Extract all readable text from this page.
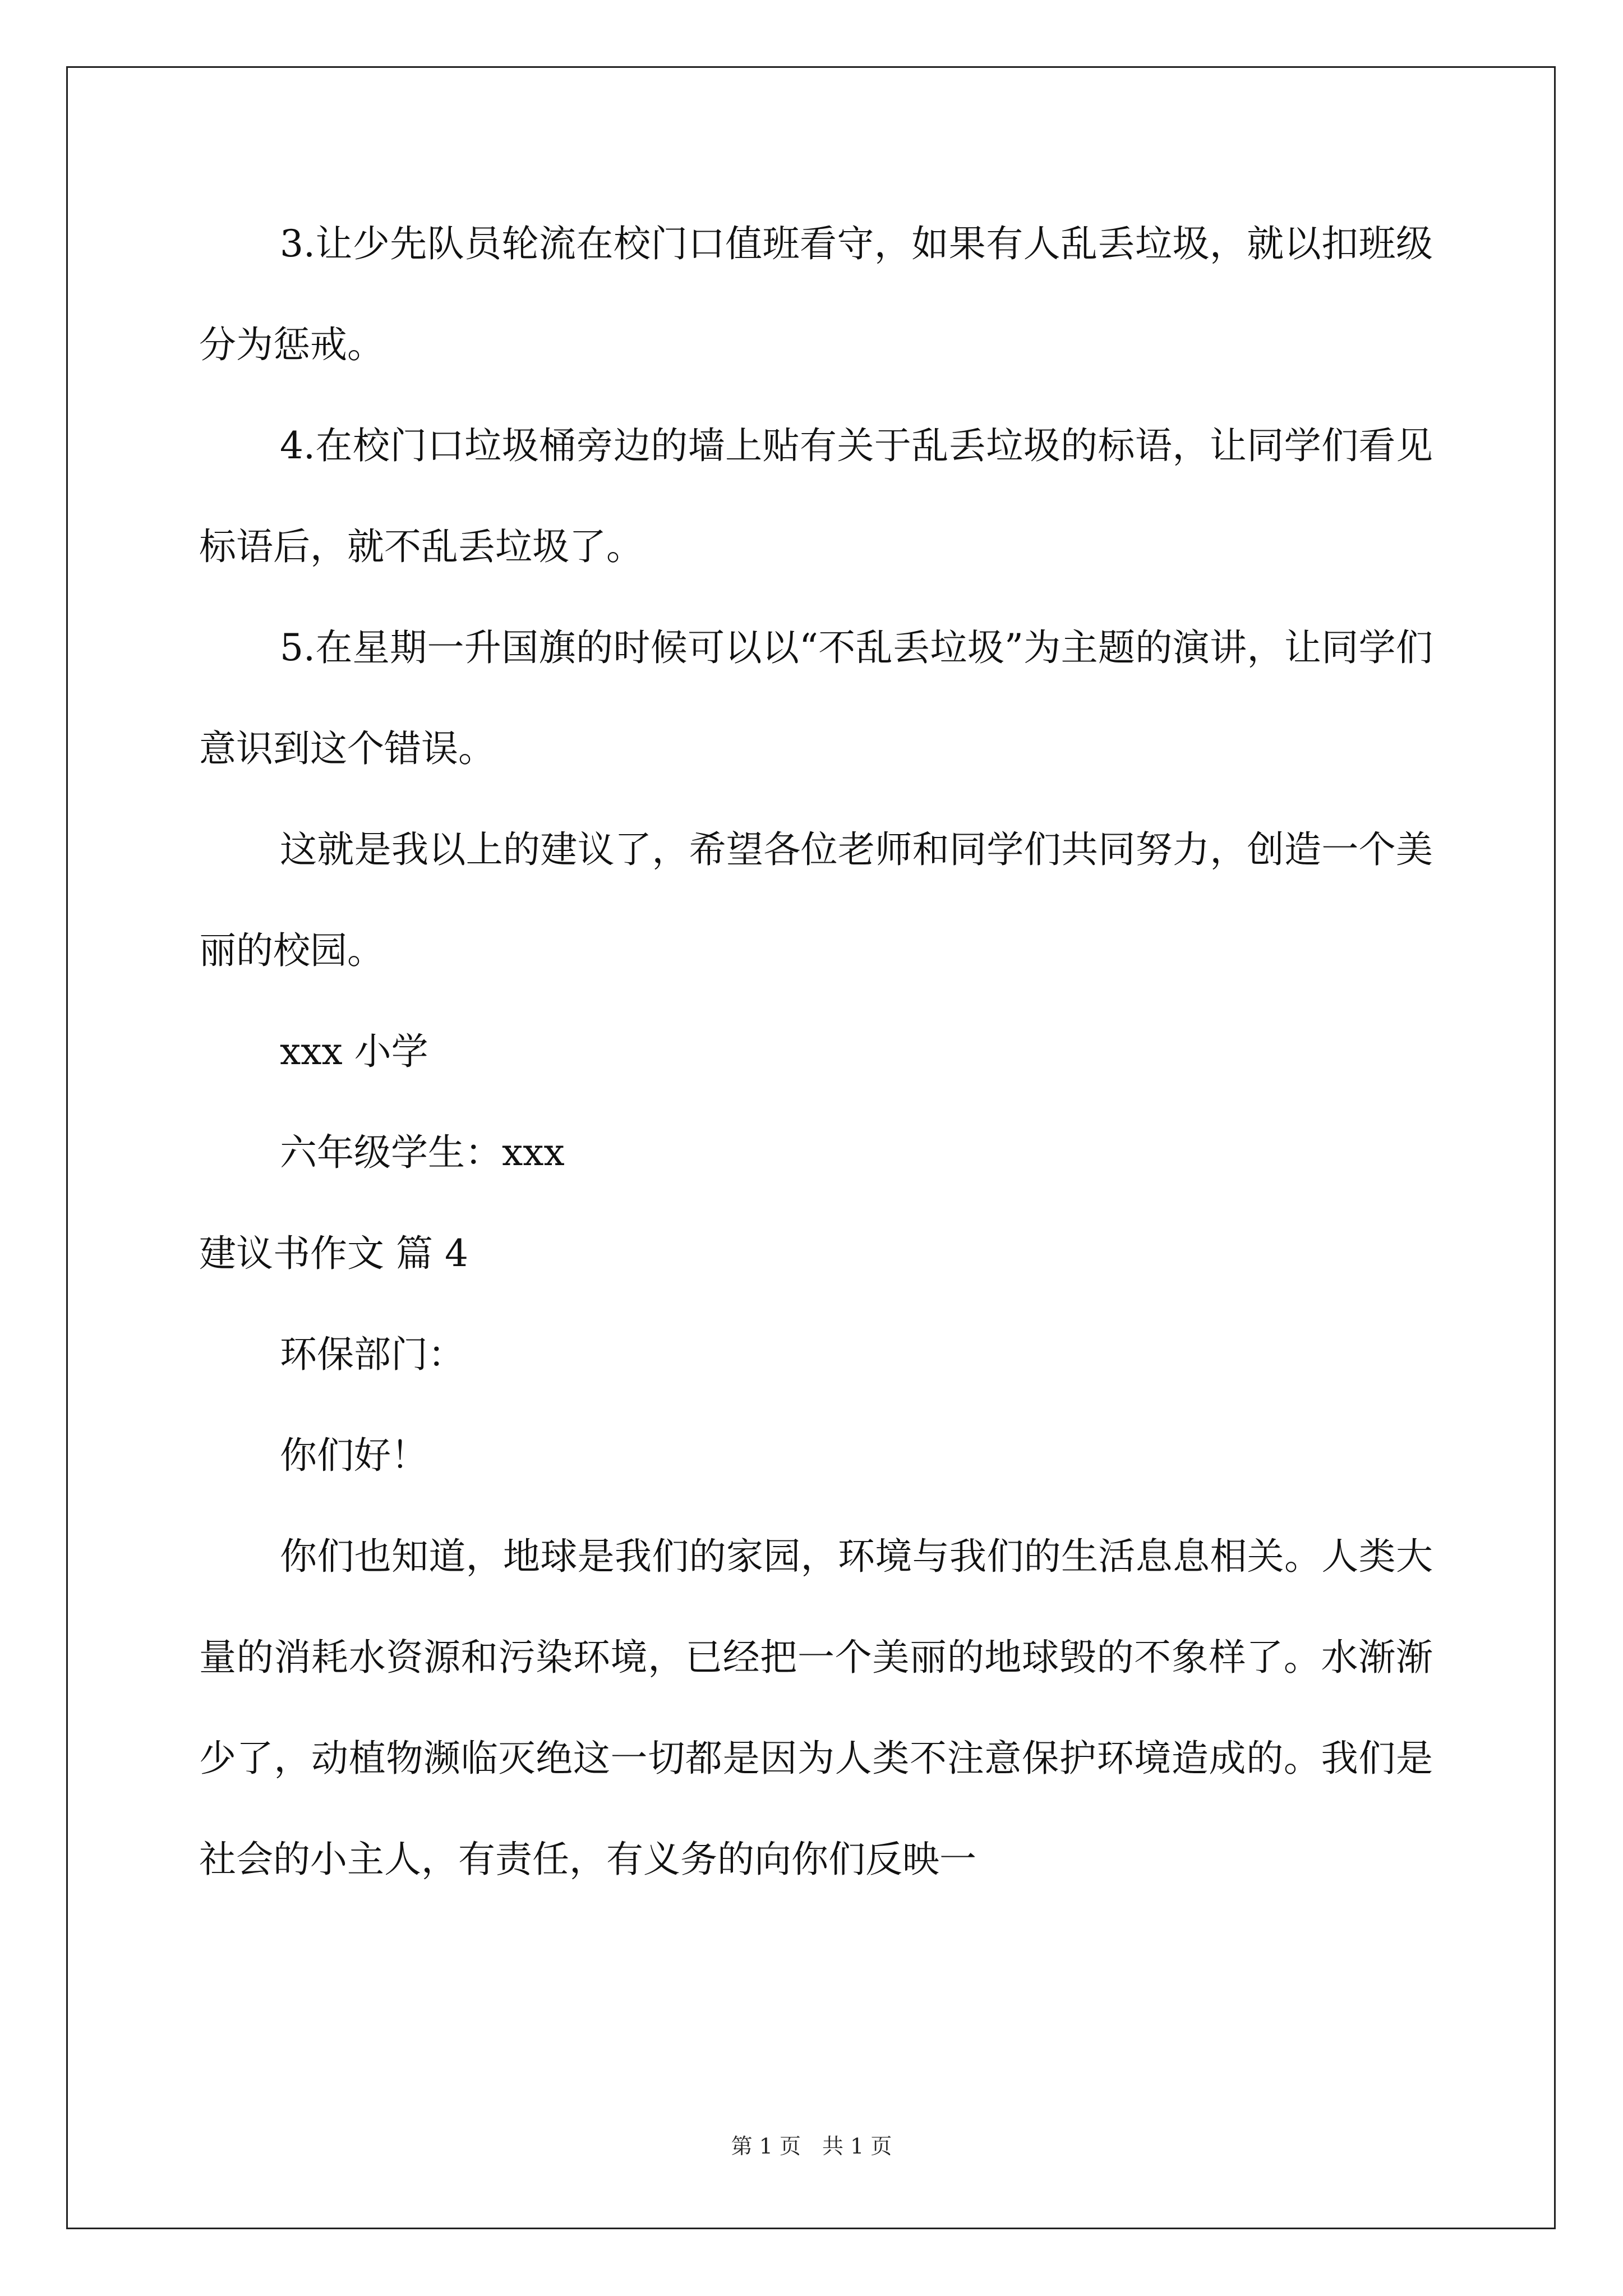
3.让少先队员轮流在校门口值班看守，如果有人乱丢垃圾，就以扣班级分为惩戒。

4.在校门口垃圾桶旁边的墙上贴有关于乱丢垃圾的标语，让同学们看见标语后，就不乱丢垃圾了。

5.在星期一升国旗的时候可以以“不乱丢垃圾”为主题的演讲，让同学们意识到这个错误。

这就是我以上的建议了，希望各位老师和同学们共同努力，创造一个美丽的校园。

xxx 小学

六年级学生：xxx

建议书作文 篇 4

环保部门：

你们好！

你们也知道，地球是我们的家园，环境与我们的生活息息相关。人类大量的消耗水资源和污染环境，已经把一个美丽的地球毁的不象样了。水渐渐少了，动植物濒临灭绝这一切都是因为人类不注意保护环境造成的。我们是社会的小主人，有责任，有义务的向你们反映一

第 1 页　共 1 页
